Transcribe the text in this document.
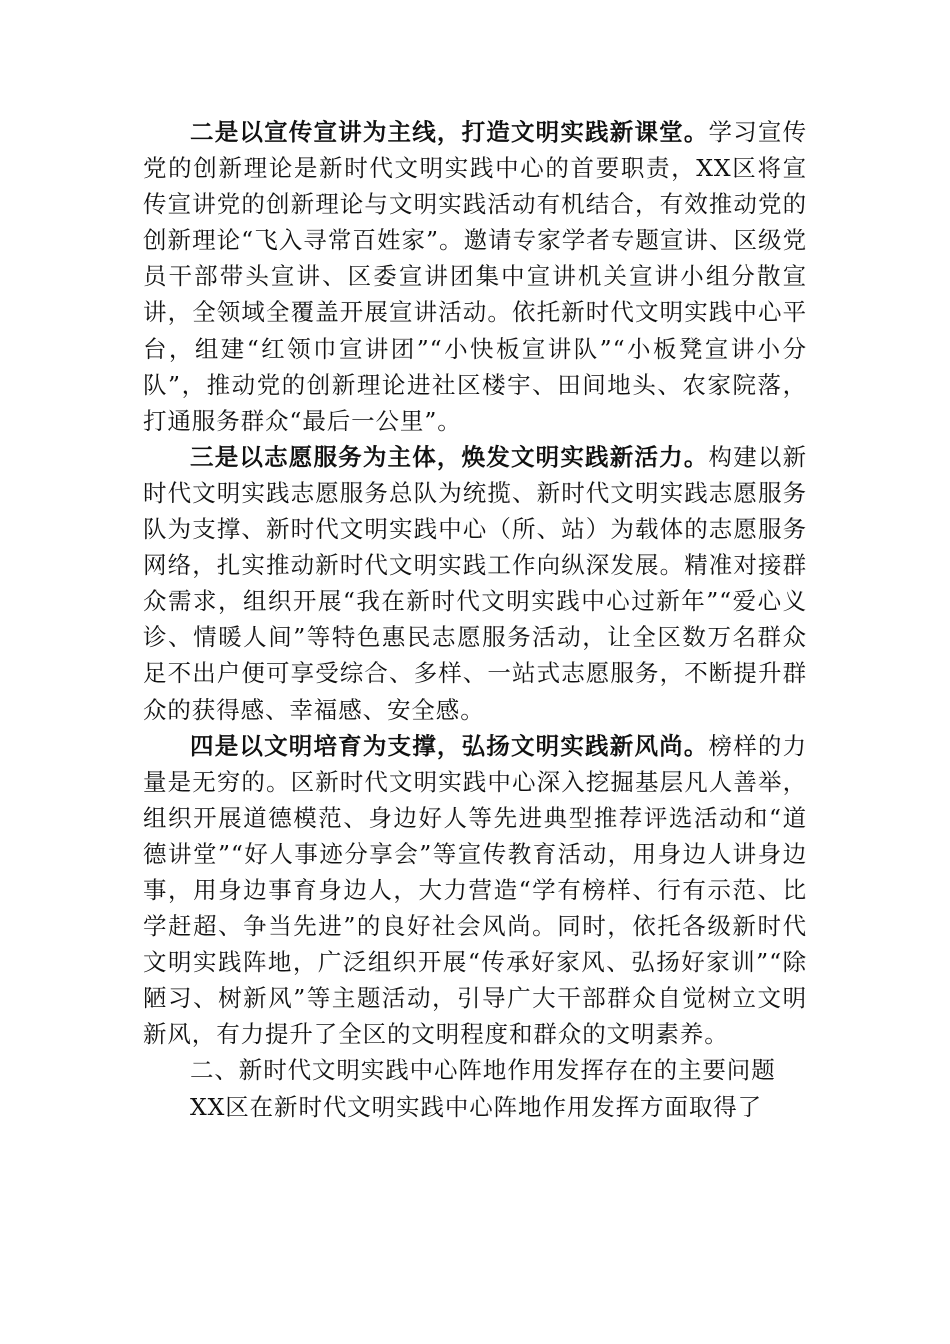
二是以宣传宣讲为主线，打造文明实践新课堂。学习宣传党的创新理论是新时代文明实践中心的首要职责，XX区将宣传宣讲党的创新理论与文明实践活动有机结合，有效推动党的创新理论“飞入寻常百姓家”。邀请专家学者专题宣讲、区级党员干部带头宣讲、区委宣讲团集中宣讲机关宣讲小组分散宣讲，全领域全覆盖开展宣讲活动。依托新时代文明实践中心平台，组建“红领巾宣讲团”“小快板宣讲队”“小板凳宣讲小分队”，推动党的创新理论进社区楼宇、田间地头、农家院落，打通服务群众“最后一公里”。

三是以志愿服务为主体，焕发文明实践新活力。构建以新时代文明实践志愿服务总队为统揽、新时代文明实践志愿服务队为支撑、新时代文明实践中心（所、站）为载体的志愿服务网络，扎实推动新时代文明实践工作向纵深发展。精准对接群众需求，组织开展“我在新时代文明实践中心过新年”“爱心义诊、情暖人间”等特色惠民志愿服务活动，让全区数万名群众足不出户便可享受综合、多样、一站式志愿服务，不断提升群众的获得感、幸福感、安全感。

四是以文明培育为支撑，弘扬文明实践新风尚。榜样的力量是无穷的。区新时代文明实践中心深入挖掘基层凡人善举，组织开展道德模范、身边好人等先进典型推荐评选活动和“道德讲堂”“好人事迹分享会”等宣传教育活动，用身边人讲身边事，用身边事育身边人，大力营造“学有榜样、行有示范、比学赶超、争当先进”的良好社会风尚。同时，依托各级新时代文明实践阵地，广泛组织开展“传承好家风、弘扬好家训”“除陋习、树新风”等主题活动，引导广大干部群众自觉树立文明新风，有力提升了全区的文明程度和群众的文明素养。

二、新时代文明实践中心阵地作用发挥存在的主要问题

XX区在新时代文明实践中心阵地作用发挥方面取得了
